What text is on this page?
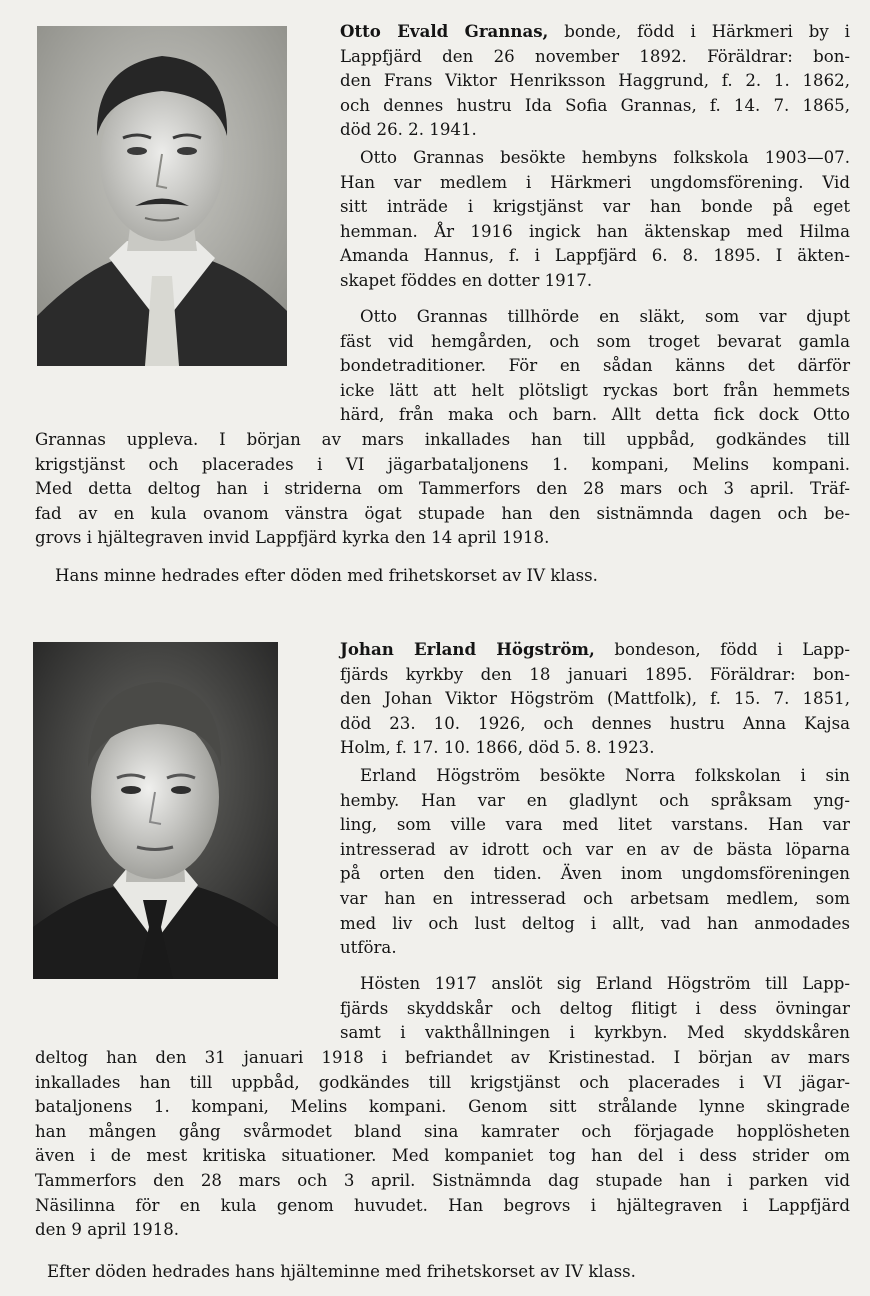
Otto Evald Grannas, bonde, född i Härkmeri by i
Lappfjärd den 26 november 1892. Föräldrar: bon-
den Frans Viktor Henriksson Haggrund, f. 2. 1. 1862,
och dennes hustru Ida Sofia Grannas, f. 14. 7. 1865,
död 26. 2. 1941.

Otto Grannas besökte hembyns folkskola 1903—07.
Han var medlem i Härkmeri ungdomsförening. Vid
sitt inträde i krigstjänst var han bonde på eget
hemman. År 1916 ingick han äktenskap med Hilma
Amanda Hannus, f. i Lappfjärd 6. 8. 1895. I äkten-
skapet föddes en dotter 1917.

Otto Grannas tillhörde en släkt, som var djupt
fäst vid hemgården, och som troget bevarat gamla
bondetraditioner. För en sådan känns det därför
icke lätt att helt plötsligt ryckas bort från hemmets
härd, från maka och barn. Allt detta fick dock Otto

Grannas uppleva. I början av mars inkallades han till uppbåd, godkändes till
krigstjänst och placerades i VI jägarbataljonens 1. kompani, Melins kompani.
Med detta deltog han i striderna om Tammerfors den 28 mars och 3 april. Träf-
fad av en kula ovanom vänstra ögat stupade han den sistnämnda dagen och be-
grovs i hjältegraven invid Lappfjärd kyrka den 14 april 1918.

Hans minne hedrades efter döden med frihetskorset av IV klass.

Johan Erland Högström, bondeson, född i Lapp-
fjärds kyrkby den 18 januari 1895. Föräldrar: bon-
den Johan Viktor Högström (Mattfolk), f. 15. 7. 1851,
död 23. 10. 1926, och dennes hustru Anna Kajsa
Holm, f. 17. 10. 1866, död 5. 8. 1923.

Erland Högström besökte Norra folkskolan i sin
hemby. Han var en gladlynt och språksam yng-
ling, som ville vara med litet varstans. Han var
intresserad av idrott och var en av de bästa löparna
på orten den tiden. Även inom ungdomsföreningen
var han en intresserad och arbetsam medlem, som
med liv och lust deltog i allt, vad han anmodades
utföra.

Hösten 1917 anslöt sig Erland Högström till Lapp-
fjärds skyddskår och deltog flitigt i dess övningar
samt i vakthållningen i kyrkbyn. Med skyddskåren

deltog han den 31 januari 1918 i befriandet av Kristinestad. I början av mars
inkallades han till uppbåd, godkändes till krigstjänst och placerades i VI jägar-
bataljonens 1. kompani, Melins kompani. Genom sitt strålande lynne skingrade
han mången gång svårmodet bland sina kamrater och förjagade hopplösheten
även i de mest kritiska situationer. Med kompaniet tog han del i dess strider om
Tammerfors den 28 mars och 3 april. Sistnämnda dag stupade han i parken vid
Näsilinna för en kula genom huvudet. Han begrovs i hjältegraven i Lappfjärd
den 9 april 1918.

Efter döden hedrades hans hjälteminne med frihetskorset av IV klass.
